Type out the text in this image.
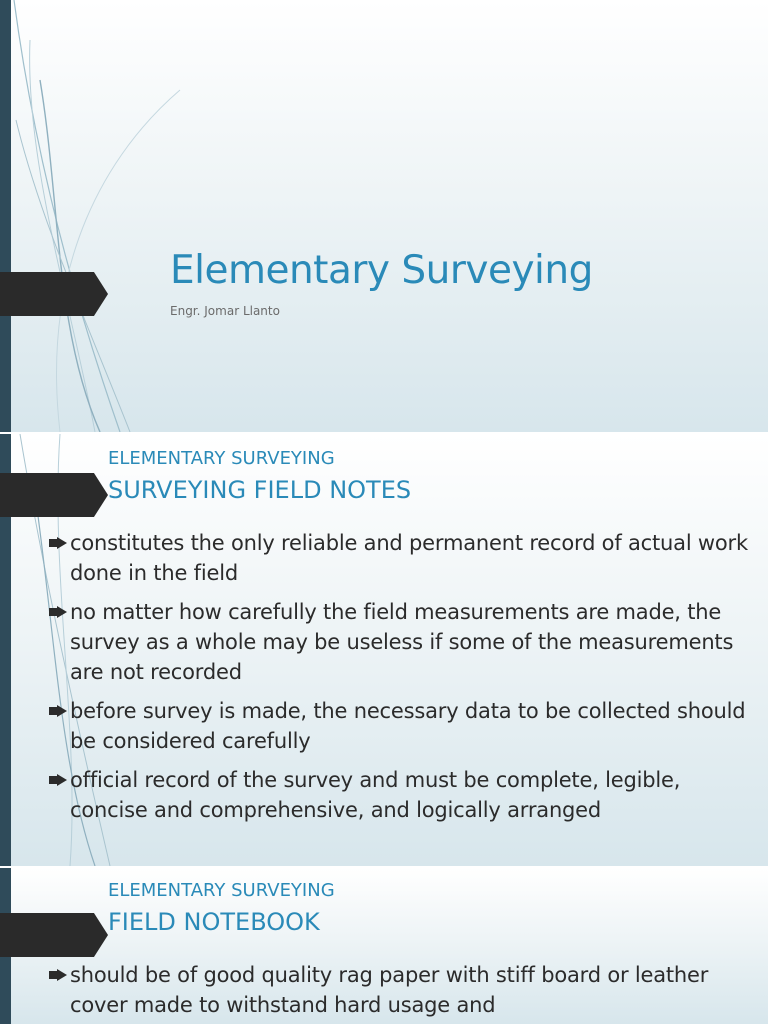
Elementary Surveying

Engr. Jomar Llanto

ELEMENTARY SURVEYING

SURVEYING FIELD NOTES
constitutes the only reliable and permanent record of actual work done in the field
no matter how carefully the field measurements are made, the survey as a whole may be useless if some of the measurements are not recorded
before survey is made, the necessary data to be collected should be considered carefully
official record of the survey and must be complete, legible, concise and comprehensive, and logically arranged

ELEMENTARY SURVEYING

FIELD NOTEBOOK
should be of good quality rag paper with stiff board or leather cover made to withstand hard usage and
